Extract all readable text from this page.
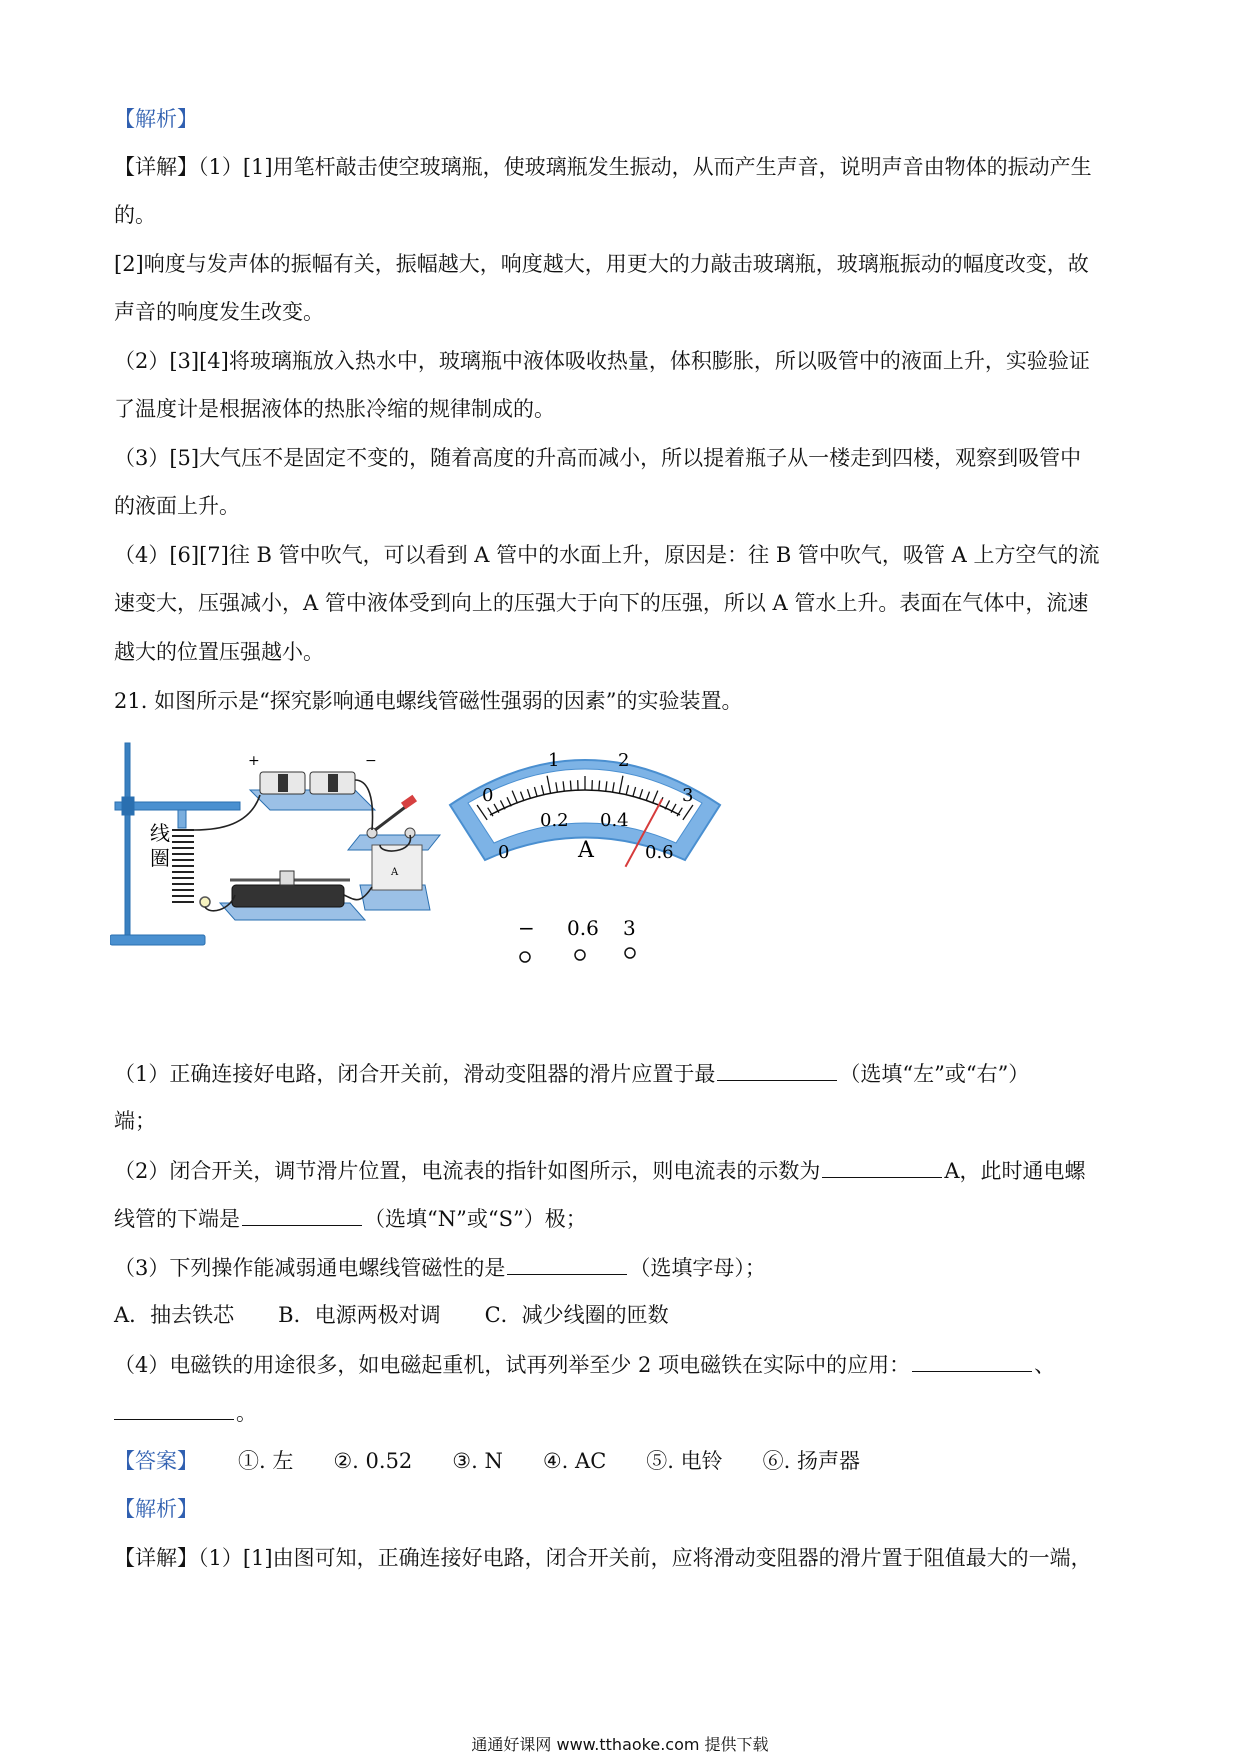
【解析】
【详解】（1）[1]用笔杆敲击使空玻璃瓶，使玻璃瓶发生振动，从而产生声音，说明声音由物体的振动产生
的。
[2]响度与发声体的振幅有关，振幅越大，响度越大，用更大的力敲击玻璃瓶，玻璃瓶振动的幅度改变，故
声音的响度发生改变。
（2）[3][4]将玻璃瓶放入热水中，玻璃瓶中液体吸收热量，体积膨胀，所以吸管中的液面上升，实验验证
了温度计是根据液体的热胀冷缩的规律制成的。
（3）[5]大气压不是固定不变的，随着高度的升高而减小，所以提着瓶子从一楼走到四楼，观察到吸管中
的液面上升。
（4）[6][7]往 B 管中吹气，可以看到 A 管中的水面上升，原因是：往 B 管中吹气，吸管 A 上方空气的流
速变大，压强减小，A 管中液体受到向上的压强大于向下的压强，所以 A 管水上升。表面在气体中，流速
越大的位置压强越小。
21. 如图所示是“探究影响通电螺线管磁性强弱的因素”的实验装置。
线
圈
+	−
A
0
1	2
3
0
0.2 0.4
0.6
A
− 0.6 3
（1）正确连接好电路，闭合开关前，滑动变阻器的滑片应置于最	（选填“左”或“右”）
端；
（2）闭合开关，调节滑片位置，电流表的指针如图所示，则电流表的示数为	A，此时通电螺
线管的下端是	（选填“N”或“S”）极；
（3）下列操作能减弱通电螺线管磁性的是	（选填字母）；
A．抽去铁芯 B．电源两极对调 C．减少线圈的匝数
（4）电磁铁的用途很多，如电磁起重机，试再列举至少 2 项电磁铁在实际中的应用：	、
。
【答案】 ①. 左 ②. 0.52 ③. N ④. AC ⑤. 电铃 ⑥. 扬声器
【解析】
【详解】（1）[1]由图可知，正确连接好电路，闭合开关前，应将滑动变阻器的滑片置于阻值最大的一端，
通通好课网 www.tthaoke.com 提供下载
